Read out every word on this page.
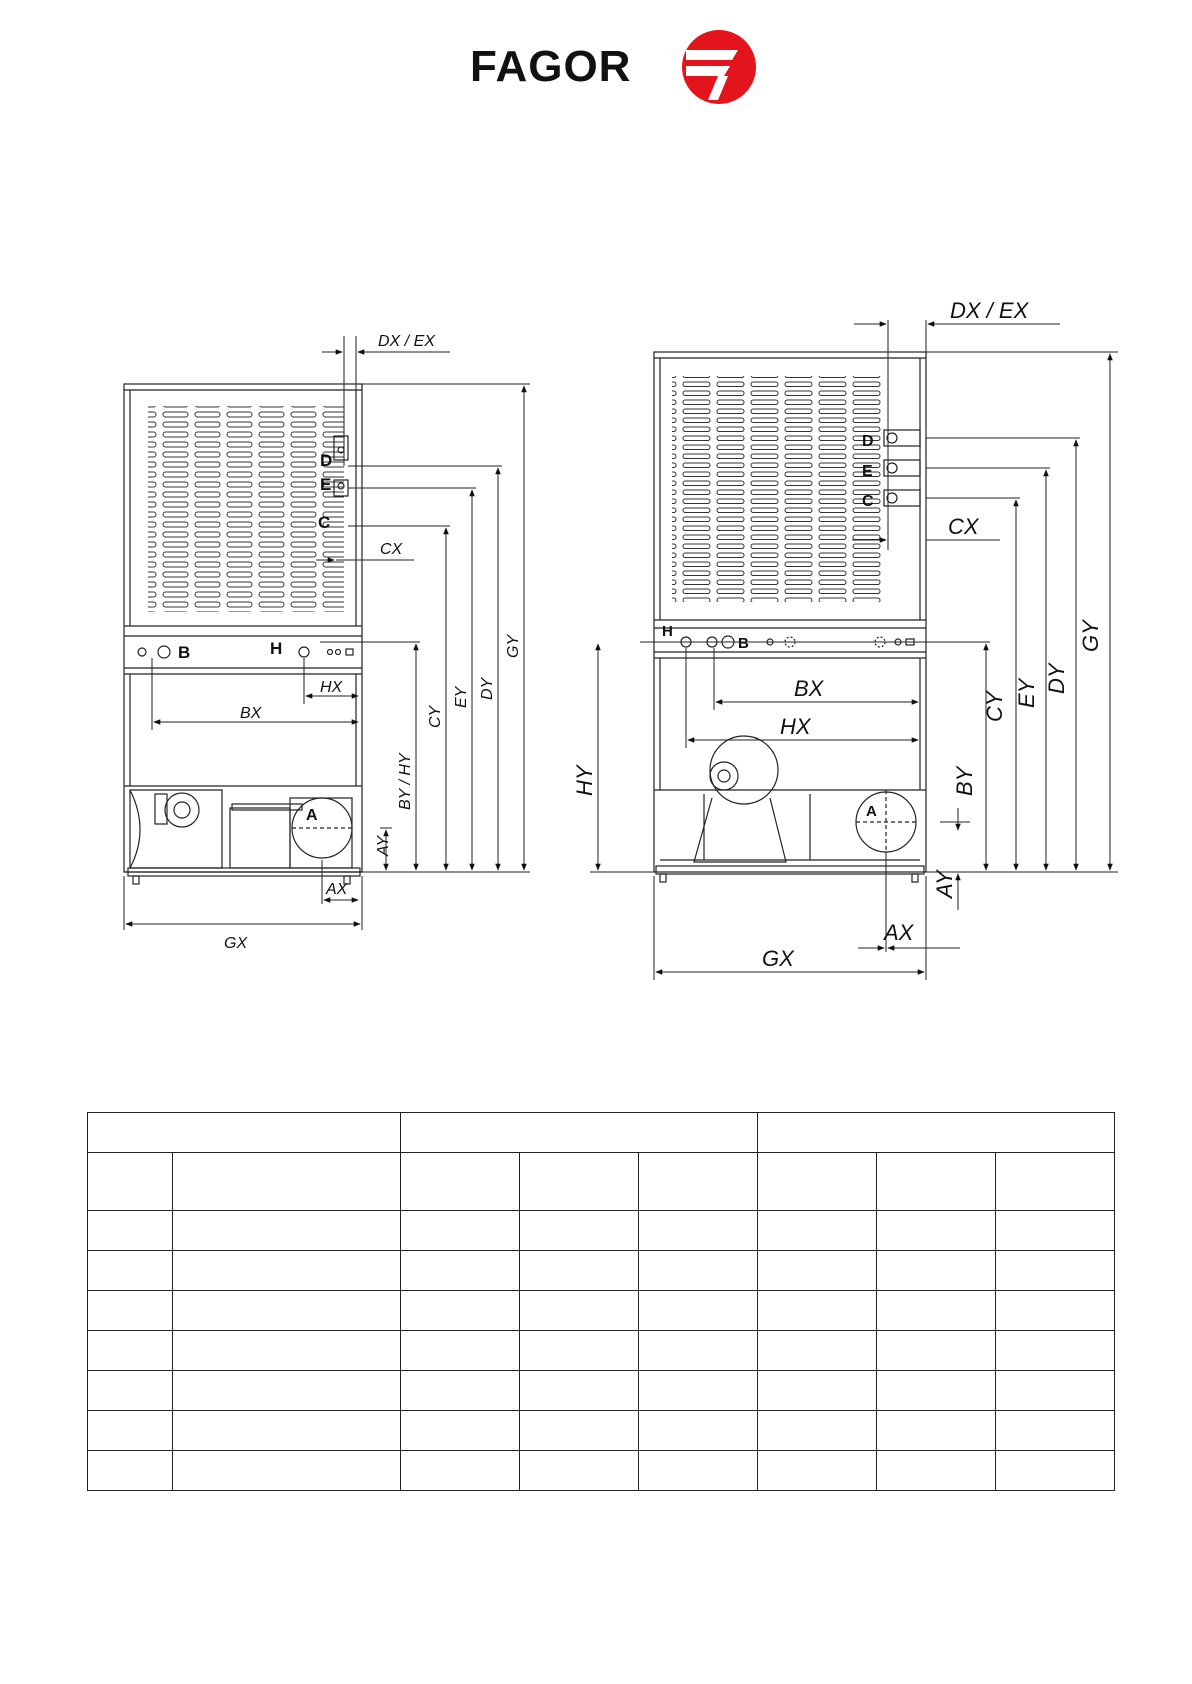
FAGOR
D
E
C
B	H
A
DX / EX
CX
HX
BX
AX
GX
AY
BY / HY
CY
EY DY
GY
D
E
C
H
B
A
DX / EX
CX
BX
HX
AX
GX
HY	BY
AY
CY EY DY
GY
